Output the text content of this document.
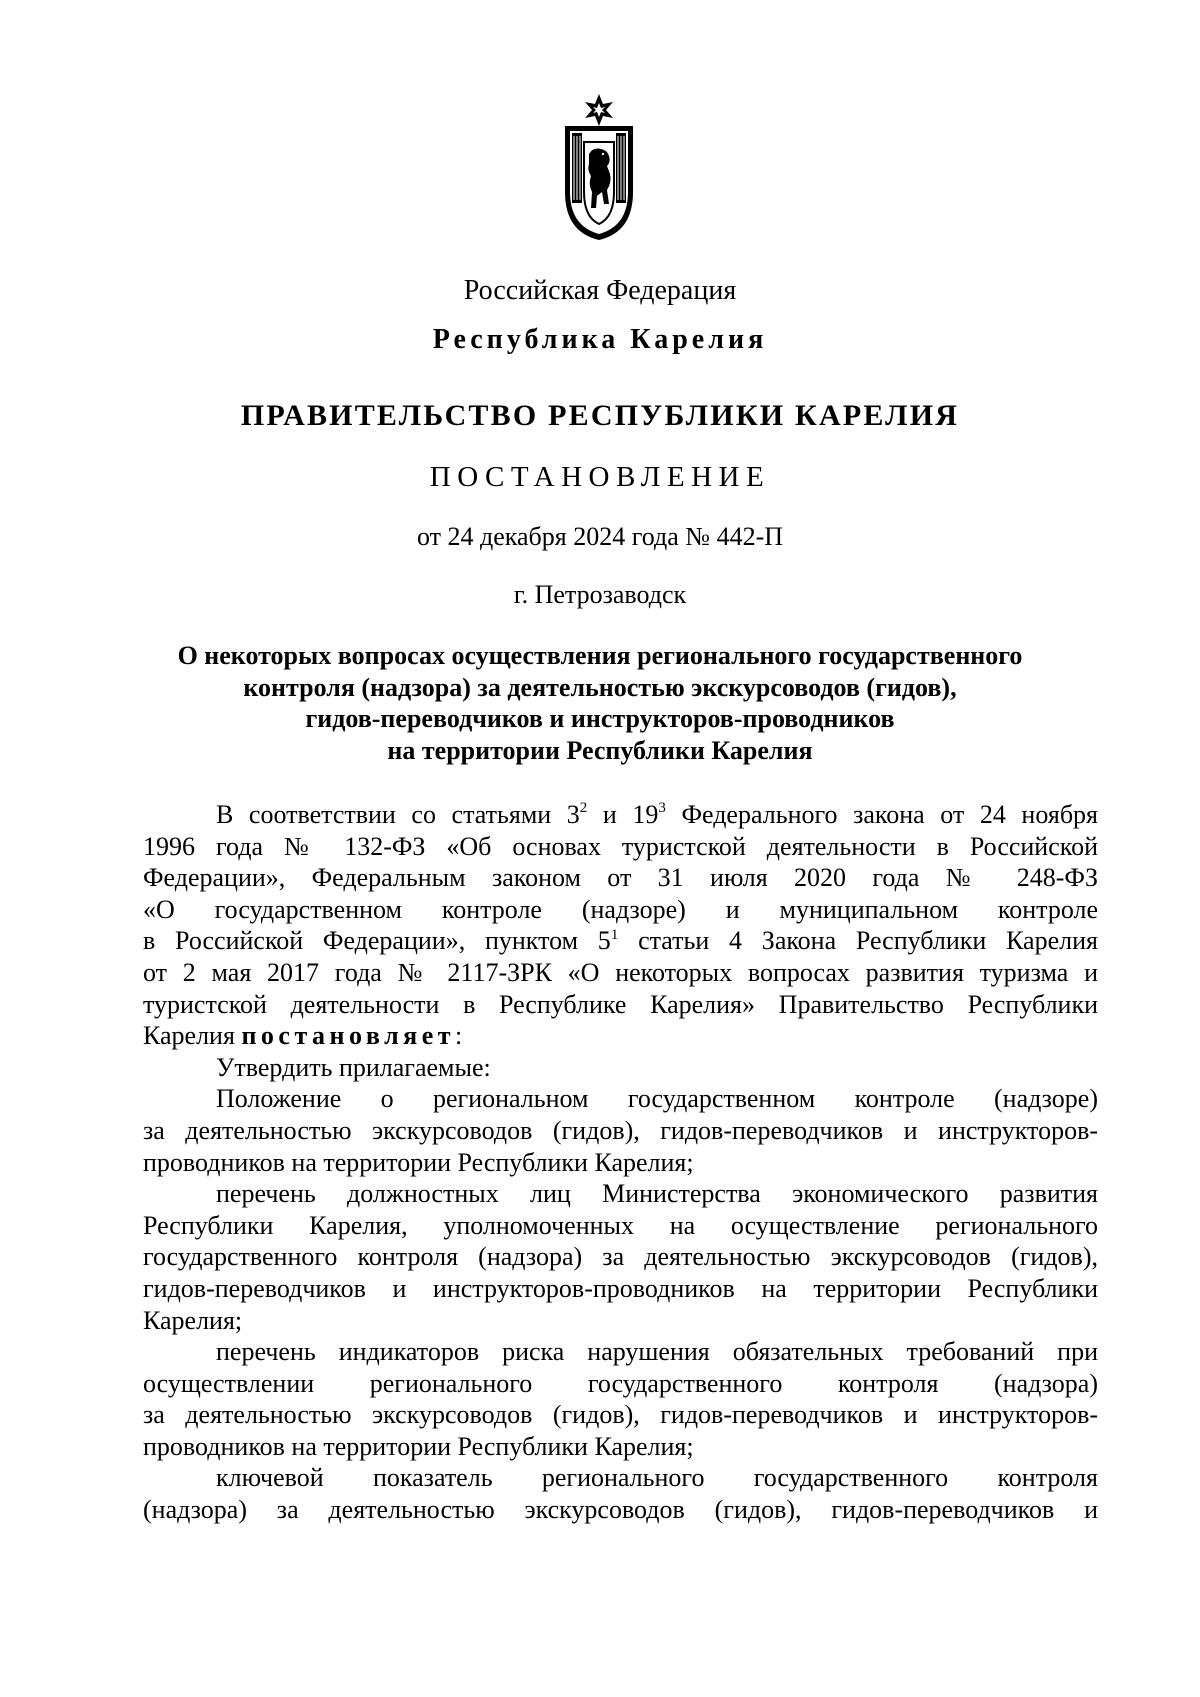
Российская Федерация
Республика Карелия
ПРАВИТЕЛЬСТВО РЕСПУБЛИКИ КАРЕЛИЯ
ПОСТАНОВЛЕНИЕ
от 24 декабря 2024 года № 442-П
г. Петрозаводск
О некоторых вопросах осуществления регионального государственного
контроля (надзора) за деятельностью экскурсоводов (гидов),
гидов-переводчиков и инструкторов-проводников
на территории Республики Карелия
В соответствии со статьями $3^2$ и $19^3$ Федерального закона от 24 ноября
1996 года № 132-ФЗ «Об основах туристской деятельности в Российской
Федерации», Федеральным законом от 31 июля 2020 года № 248-ФЗ
«О государственном контроле (надзоре) и муниципальном контроле
в Российской Федерации», пунктом $5^1$ статьи 4 Закона Республики Карелия
от 2 мая 2017 года № 2117-ЗРК «О некоторых вопросах развития туризма и
туристской деятельности в Республике Карелия» Правительство Республики
Карелия постановляет:
Утвердить прилагаемые:
Положение о региональном государственном контроле (надзоре)
за деятельностью экскурсоводов (гидов), гидов-переводчиков и инструкторов-
проводников на территории Республики Карелия;
перечень должностных лиц Министерства экономического развития
Республики Карелия, уполномоченных на осуществление регионального
государственного контроля (надзора) за деятельностью экскурсоводов (гидов),
гидов-переводчиков и инструкторов-проводников на территории Республики
Карелия;
перечень индикаторов риска нарушения обязательных требований при
осуществлении регионального государственного контроля (надзора)
за деятельностью экскурсоводов (гидов), гидов-переводчиков и инструкторов-
проводников на территории Республики Карелия;
ключевой показатель регионального государственного контроля
(надзора) за деятельностью экскурсоводов (гидов), гидов-переводчиков и
